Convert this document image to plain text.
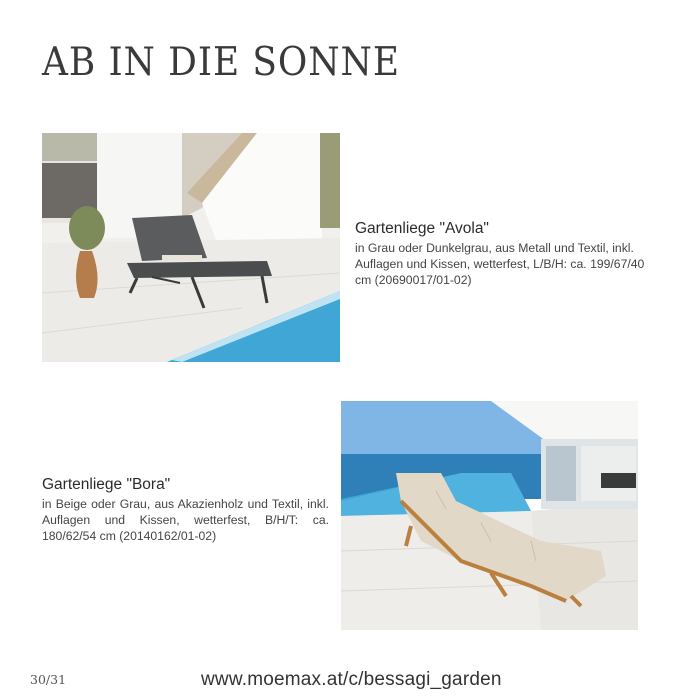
AB IN DIE SONNE
Gartenliege "Avola"
in Grau oder Dunkelgrau, aus Metall und Textil, inkl. Auflagen und Kissen, wetterfest, L/B/H: ca. 199/67/40 cm (20690017/01-02)
Gartenliege "Bora"
in Beige oder Grau, aus Akazienholz und Textil, inkl. Auflagen und Kissen, wetterfest, B/H/T: ca. 180/62/54 cm (20140162/01-02)
30/31	www.moemax.at/c/bessagi_garden
